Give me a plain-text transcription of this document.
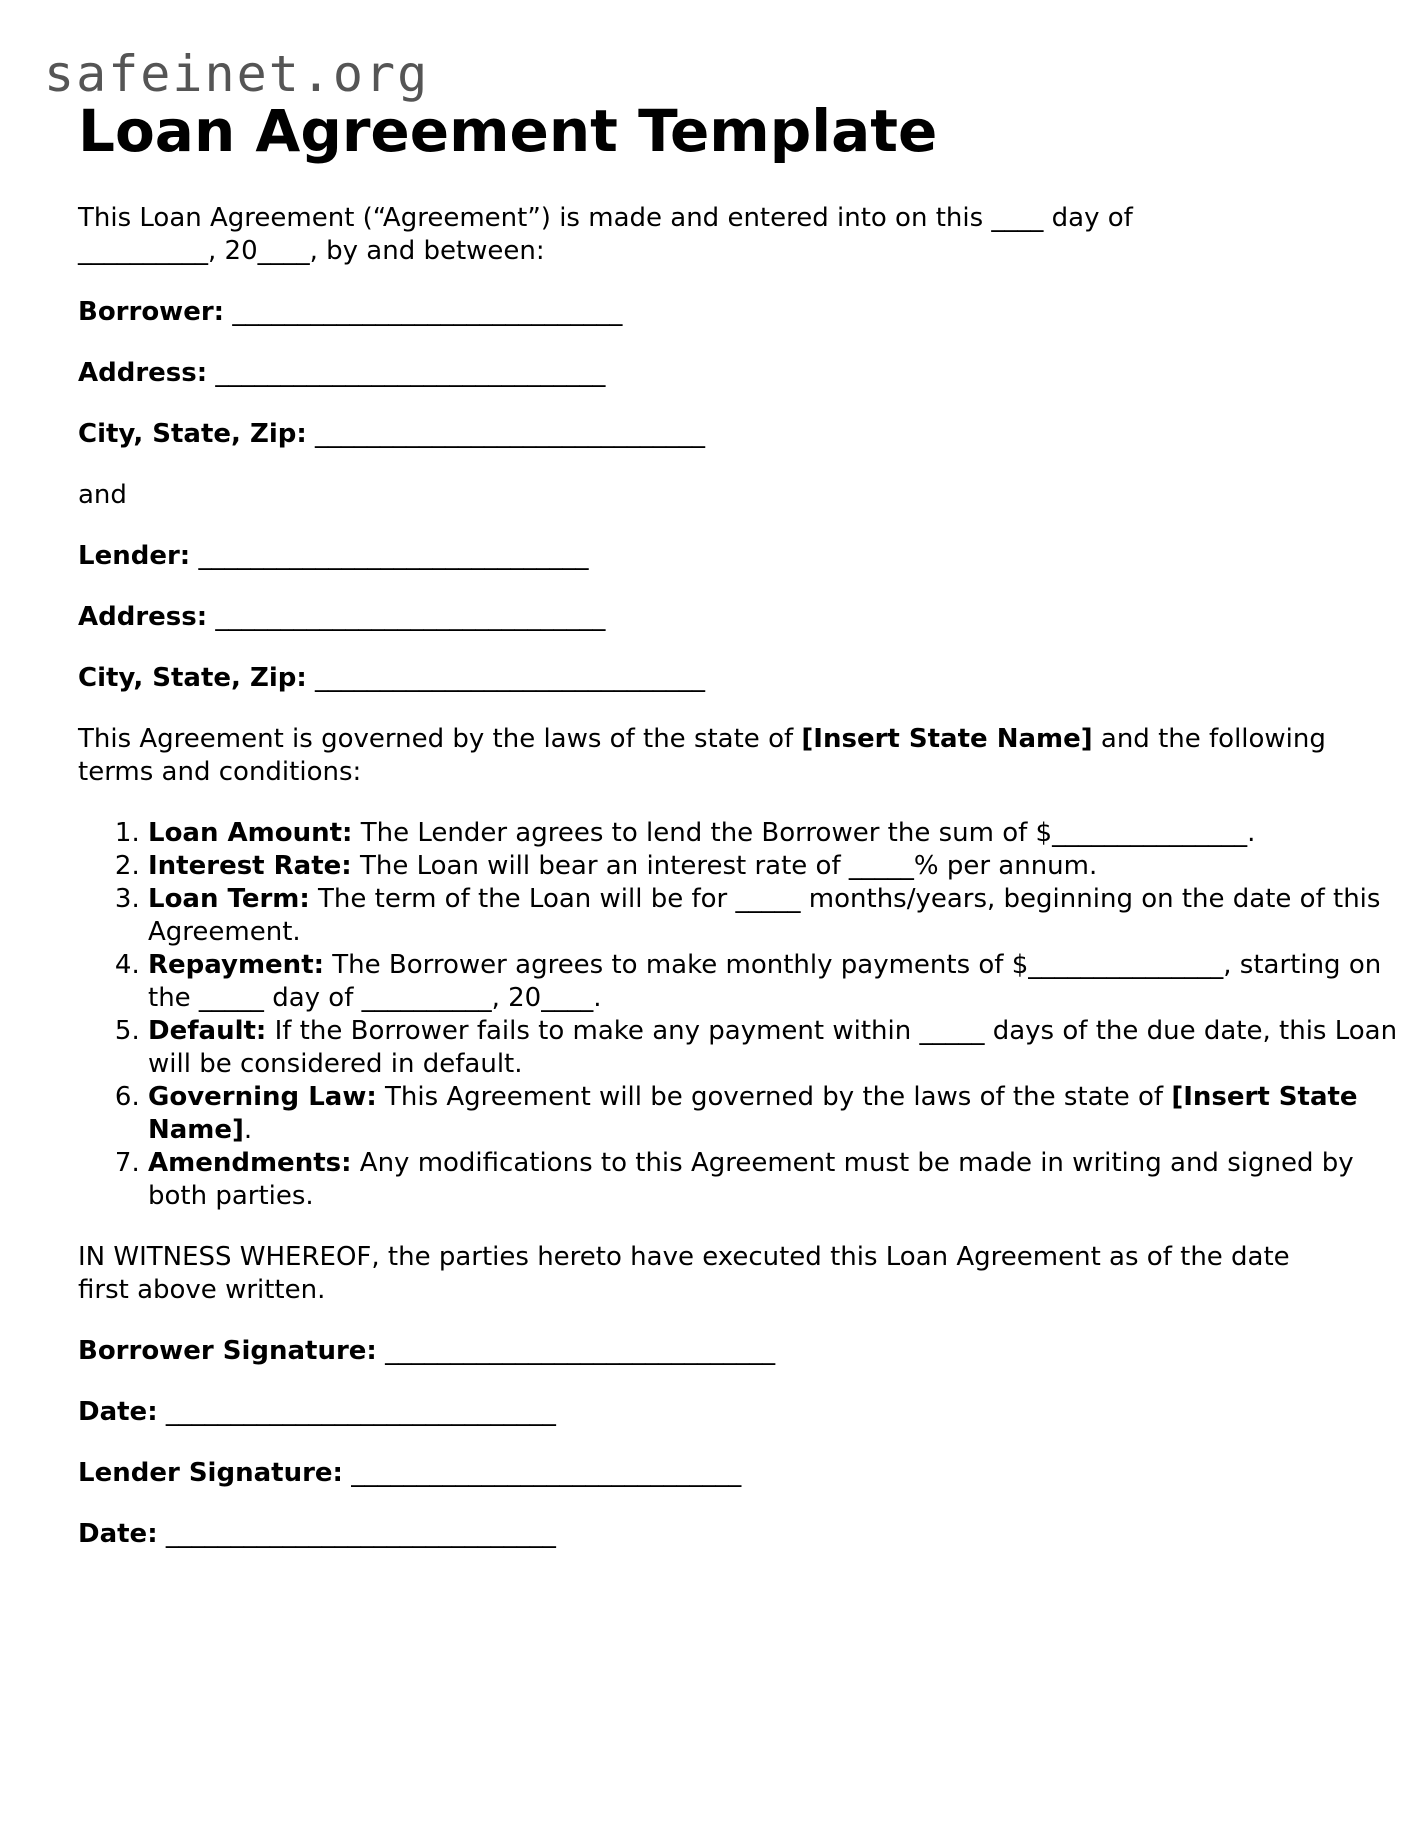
safeinet.org
Loan Agreement Template

This Loan Agreement (“Agreement”) is made and entered into on this ____ day of __________, 20____, by and between:

Borrower: ______________________________

Address: ______________________________

City, State, Zip: ______________________________

and

Lender: ______________________________

Address: ______________________________

City, State, Zip: ______________________________

This Agreement is governed by the laws of the state of [Insert State Name] and the following terms and conditions:

1. Loan Amount: The Lender agrees to lend the Borrower the sum of $_______________.
2. Interest Rate: The Loan will bear an interest rate of _____% per annum.
3. Loan Term: The term of the Loan will be for _____ months/years, beginning on the date of this Agreement.
4. Repayment: The Borrower agrees to make monthly payments of $_______________, starting on the _____ day of __________, 20____.
5. Default: If the Borrower fails to make any payment within _____ days of the due date, this Loan will be considered in default.
6. Governing Law: This Agreement will be governed by the laws of the state of [Insert State Name].
7. Amendments: Any modifications to this Agreement must be made in writing and signed by both parties.

IN WITNESS WHEREOF, the parties hereto have executed this Loan Agreement as of the date first above written.

Borrower Signature: ______________________________

Date: ______________________________

Lender Signature: ______________________________

Date: ______________________________
